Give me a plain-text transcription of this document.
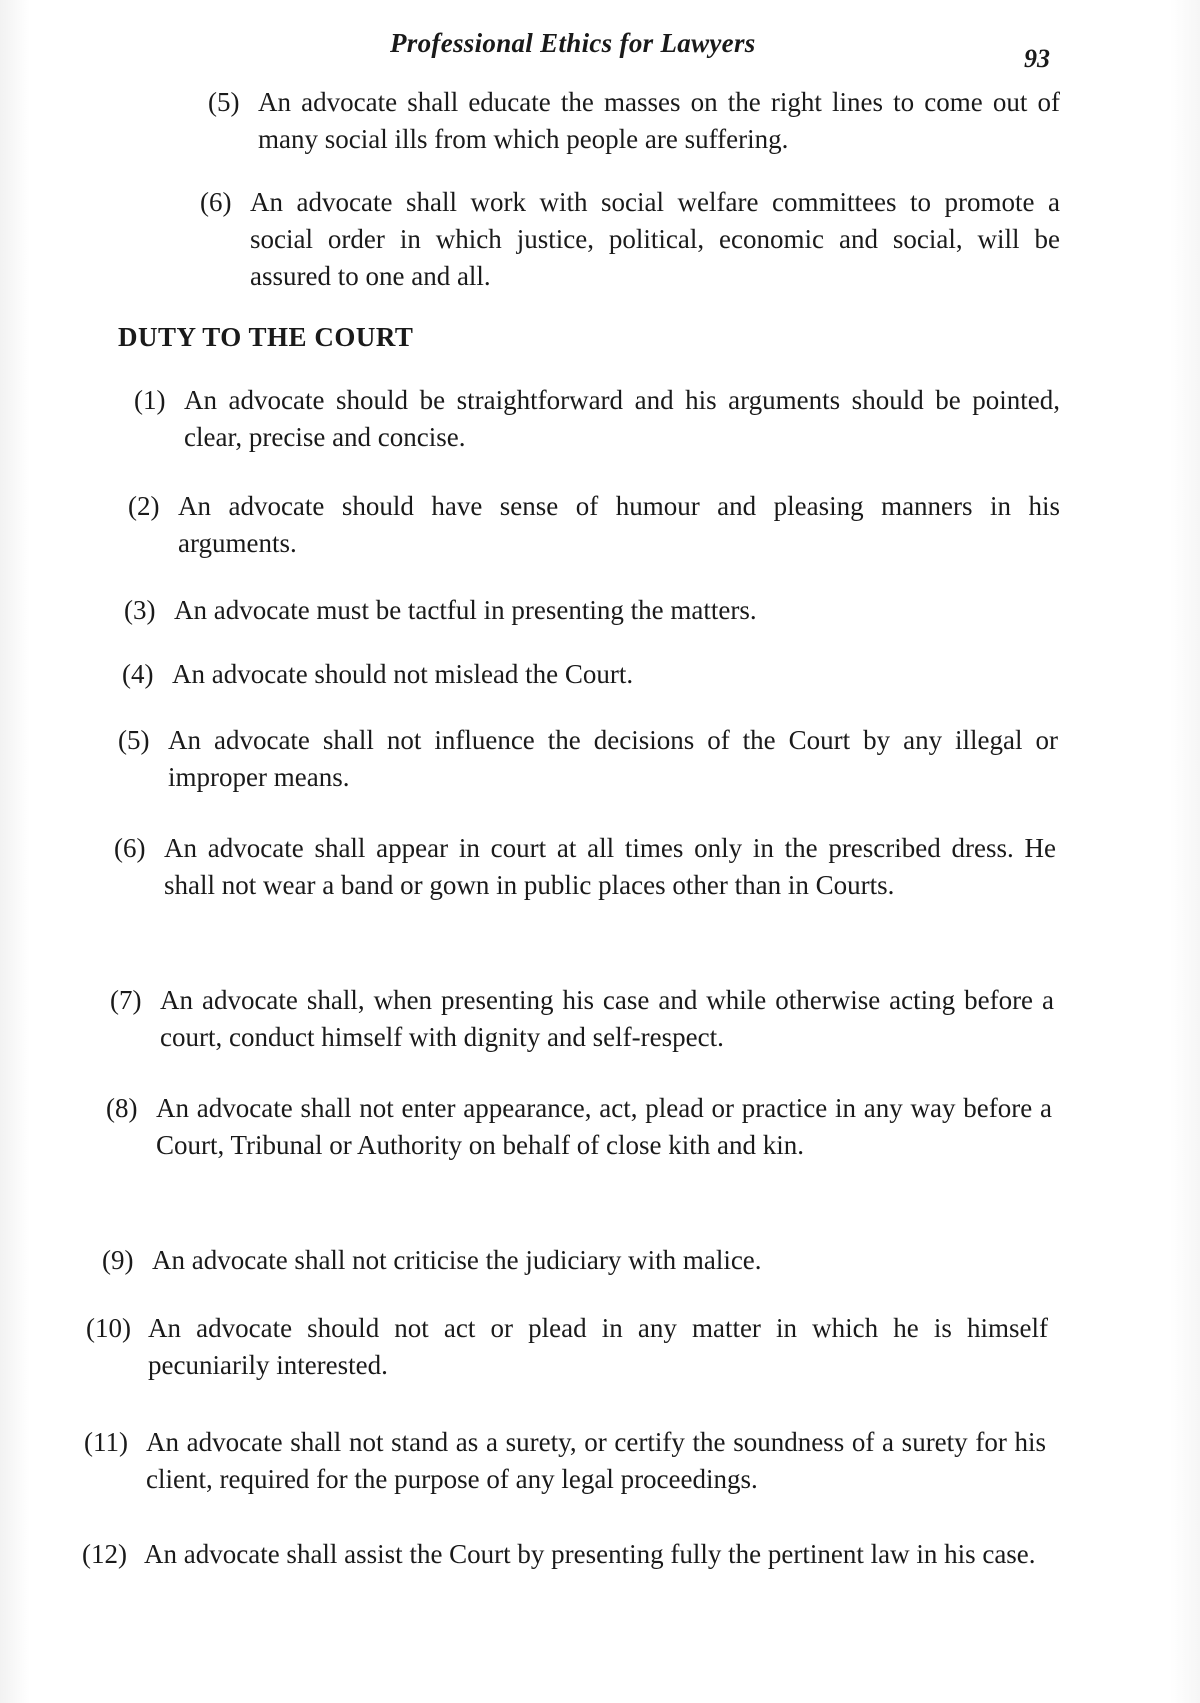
Professional Ethics for Lawyers
93
(5) An advocate shall educate the masses on the right lines to come out of many social ills from which people are suffering.
(6) An advocate shall work with social welfare committees to promote a social order in which justice, political, economic and social, will be assured to one and all.
DUTY TO THE COURT
(1) An advocate should be straightforward and his arguments should be pointed, clear, precise and concise.
(2) An advocate should have sense of humour and pleasing manners in his arguments.
(3) An advocate must be tactful in presenting the matters.
(4) An advocate should not mislead the Court.
(5) An advocate shall not influence the decisions of the Court by any illegal or improper means.
(6) An advocate shall appear in court at all times only in the prescribed dress. He shall not wear a band or gown in public places other than in Courts.
(7) An advocate shall, when presenting his case and while otherwise acting before a court, conduct himself with dignity and self-respect.
(8) An advocate shall not enter appearance, act, plead or practice in any way before a Court, Tribunal or Authority on behalf of close kith and kin.
(9) An advocate shall not criticise the judiciary with malice.
(10) An advocate should not act or plead in any matter in which he is himself pecuniarily interested.
(11) An advocate shall not stand as a surety, or certify the soundness of a surety for his client, required for the purpose of any legal proceedings.
(12) An advocate shall assist the Court by presenting fully the pertinent law in his case.
